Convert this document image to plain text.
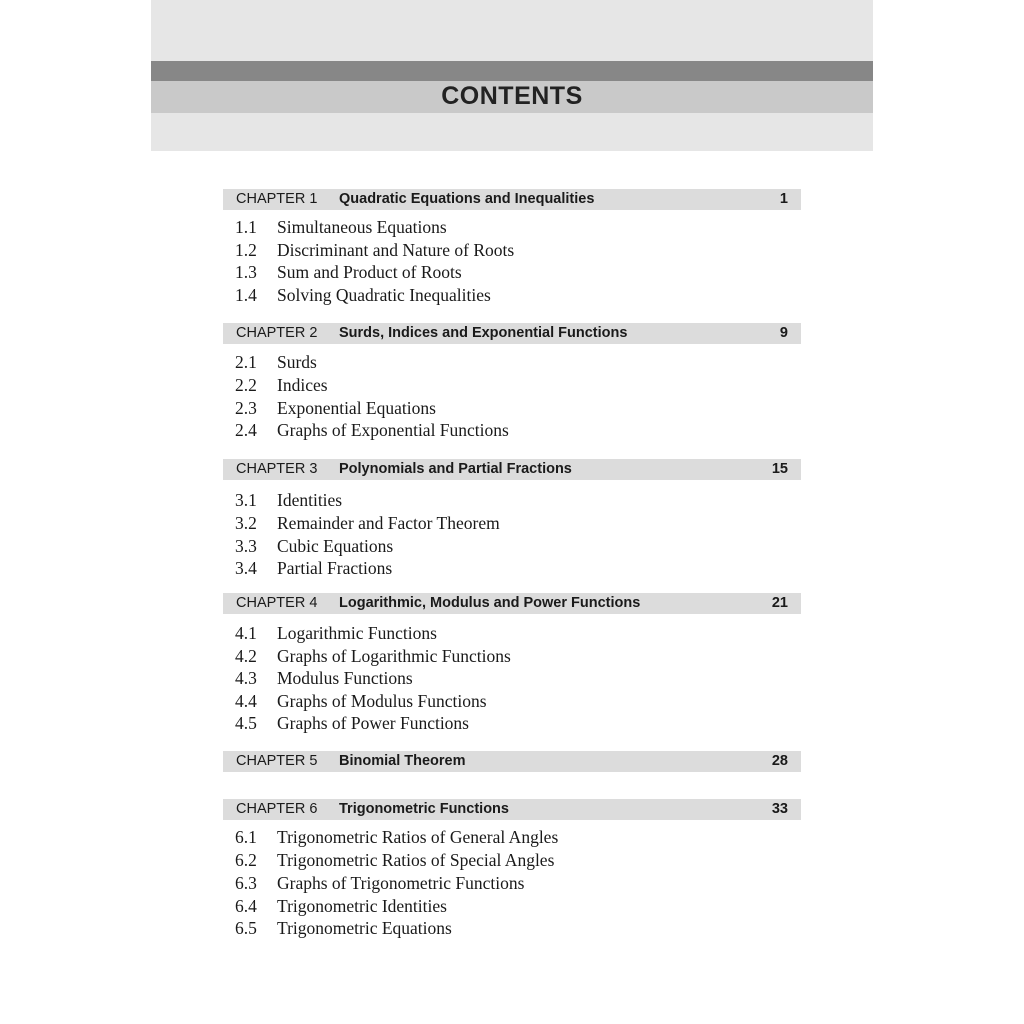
CONTENTS
CHAPTER 1 Quadratic Equations and Inequalities	1
1.1 Simultaneous Equations
1.2 Discriminant and Nature of Roots
1.3 Sum and Product of Roots
1.4 Solving Quadratic Inequalities
CHAPTER 2 Surds, Indices and Exponential Functions	9
2.1 Surds
2.2 Indices
2.3 Exponential Equations
2.4 Graphs of Exponential Functions
CHAPTER 3 Polynomials and Partial Fractions	15
3.1 Identities
3.2 Remainder and Factor Theorem
3.3 Cubic Equations
3.4 Partial Fractions
CHAPTER 4 Logarithmic, Modulus and Power Functions	21
4.1 Logarithmic Functions
4.2 Graphs of Logarithmic Functions
4.3 Modulus Functions
4.4 Graphs of Modulus Functions
4.5 Graphs of Power Functions
CHAPTER 5 Binomial Theorem	28
CHAPTER 6 Trigonometric Functions	33
6.1 Trigonometric Ratios of General Angles
6.2 Trigonometric Ratios of Special Angles
6.3 Graphs of Trigonometric Functions
6.4 Trigonometric Identities
6.5 Trigonometric Equations
